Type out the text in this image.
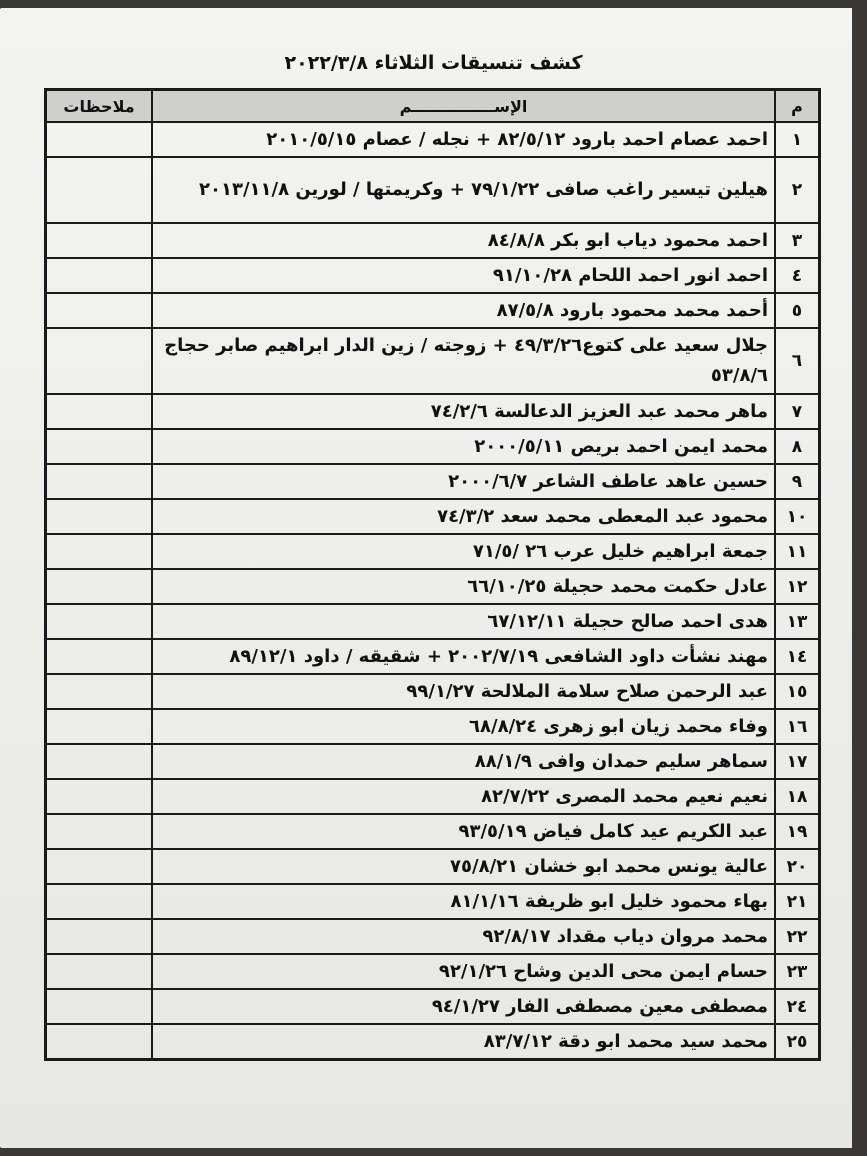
كشف تنسيقات الثلاثاء ٢٠٢٢/٣/٨
م	الإســـــــــــــــم	ملاحظات
١	احمد عصام احمد بارود ٨٢/٥/١٢ + نجله / عصام ٢٠١٠/٥/١٥	
٢	هيلين تيسير راغب صافى ٧٩/١/٢٢ + وكريمتها / لورين ٢٠١٣/١١/٨	
٣	احمد محمود دياب ابو بكر ٨٤/٨/٨	
٤	احمد انور احمد اللحام ٩١/١٠/٢٨	
٥	أحمد محمد محمود بارود ٨٧/٥/٨	
٦	جلال سعيد على كتوع٤٩/٣/٢٦ + زوجته / زين الدار ابراهيم صابر حجاج ٥٣/٨/٦	
٧	ماهر محمد عبد العزيز الدعالسة ٧٤/٢/٦	
٨	محمد ايمن احمد بريص ٢٠٠٠/٥/١١	
٩	حسين عاهد عاطف الشاعر ٢٠٠٠/٦/٧	
١٠	محمود عبد المعطى محمد سعد ٧٤/٣/٢	
١١	جمعة ابراهيم خليل عرب ٢٦ /٧١/٥	
١٢	عادل حكمت محمد حجيلة ٦٦/١٠/٢٥	
١٣	هدى احمد صالح حجيلة ٦٧/١٢/١١	
١٤	مهند نشأت داود الشافعى ٢٠٠٢/٧/١٩ + شقيقه / داود ٨٩/١٢/١	
١٥	عبد الرحمن صلاح سلامة الملالحة ٩٩/١/٢٧	
١٦	وفاء محمد زيان ابو زهرى ٦٨/٨/٢٤	
١٧	سماهر سليم حمدان وافى ٨٨/١/٩	
١٨	نعيم نعيم محمد المصرى ٨٢/٧/٢٢	
١٩	عبد الكريم عيد كامل فياض ٩٣/٥/١٩	
٢٠	عالية يونس محمد ابو خشان ٧٥/٨/٢١	
٢١	بهاء محمود خليل ابو ظريفة ٨١/١/١٦	
٢٢	محمد مروان دياب مقداد ٩٢/٨/١٧	
٢٣	حسام ايمن محى الدين وشاح ٩٢/١/٢٦	
٢٤	مصطفى معين مصطفى الفار ٩٤/١/٢٧	
٢٥	محمد سيد محمد ابو دقة ٨٣/٧/١٢	
